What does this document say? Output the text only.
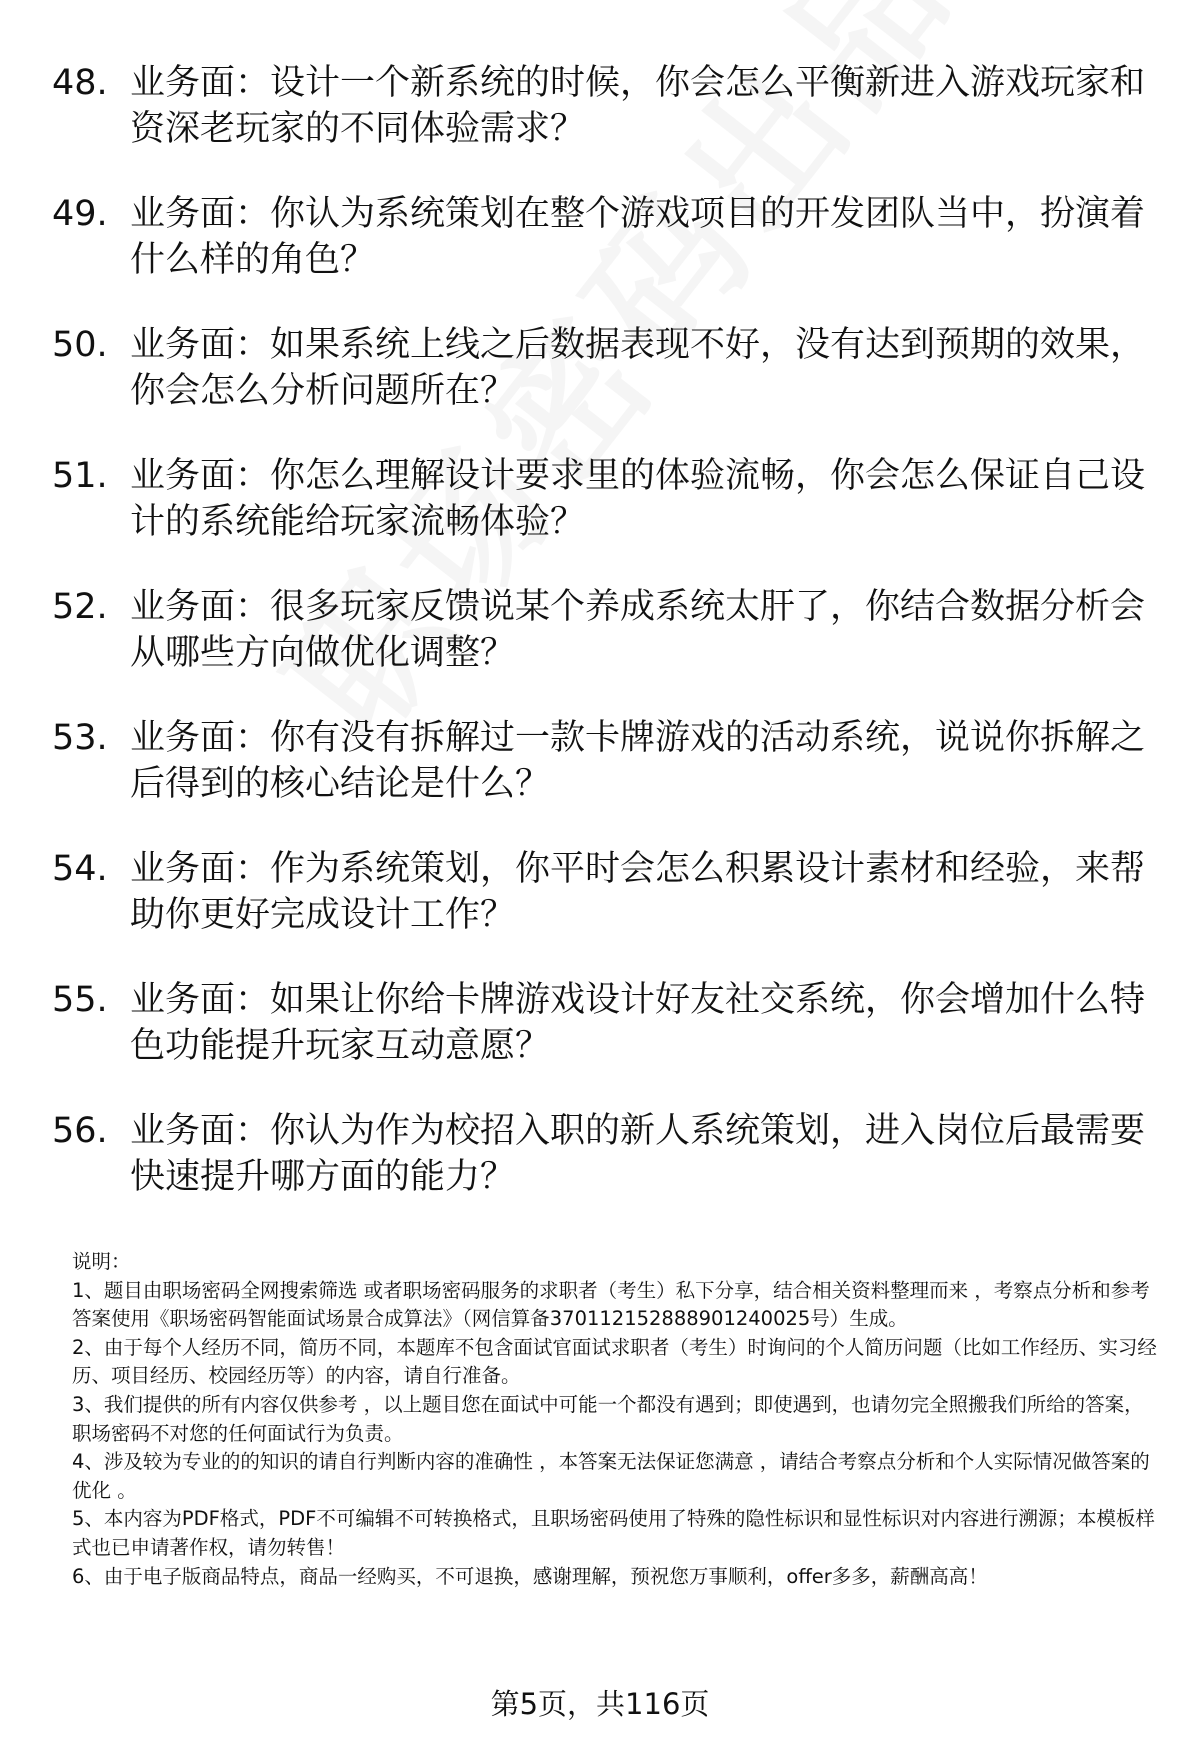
48. 业务面：设计一个新系统的时候，你会怎么平衡新进入游戏玩家和资深老玩家的不同体验需求？
49. 业务面：你认为系统策划在整个游戏项目的开发团队当中，扮演着什么样的角色？
50. 业务面：如果系统上线之后数据表现不好，没有达到预期的效果，你会怎么分析问题所在？
51. 业务面：你怎么理解设计要求里的体验流畅，你会怎么保证自己设计的系统能给玩家流畅体验？
52. 业务面：很多玩家反馈说某个养成系统太肝了，你结合数据分析会从哪些方向做优化调整？
53. 业务面：你有没有拆解过一款卡牌游戏的活动系统，说说你拆解之后得到的核心结论是什么？
54. 业务面：作为系统策划，你平时会怎么积累设计素材和经验，来帮助你更好完成设计工作？
55. 业务面：如果让你给卡牌游戏设计好友社交系统，你会增加什么特色功能提升玩家互动意愿？
56. 业务面：你认为作为校招入职的新人系统策划，进入岗位后最需要快速提升哪方面的能力？

说明：

1、题目由职场密码全网搜索筛选 或者职场密码服务的求职者（考生）私下分享，结合相关资料整理而来 ，考察点分析和参考答案使用《职场密码智能面试场景合成算法》（网信算备370112152888901240025号）生成。

2、由于每个人经历不同，简历不同，本题库不包含面试官面试求职者（考生）时询问的个人简历问题（比如工作经历、实习经历、项目经历、校园经历等）的内容，请自行准备。

3、我们提供的所有内容仅供参考 ，以上题目您在面试中可能一个都没有遇到；即使遇到，也请勿完全照搬我们所给的答案，职场密码不对您的任何面试行为负责。

4、涉及较为专业的的知识的请自行判断内容的准确性 ，本答案无法保证您满意 ，请结合考察点分析和个人实际情况做答案的优化 。

5、本内容为PDF格式，PDF不可编辑不可转换格式，且职场密码使用了特殊的隐性标识和显性标识对内容进行溯源；本模板样式也已申请著作权，请勿转售！

6、由于电子版商品特点，商品一经购买，不可退换，感谢理解，预祝您万事顺利，offer多多，薪酬高高！

第5页，共116页
